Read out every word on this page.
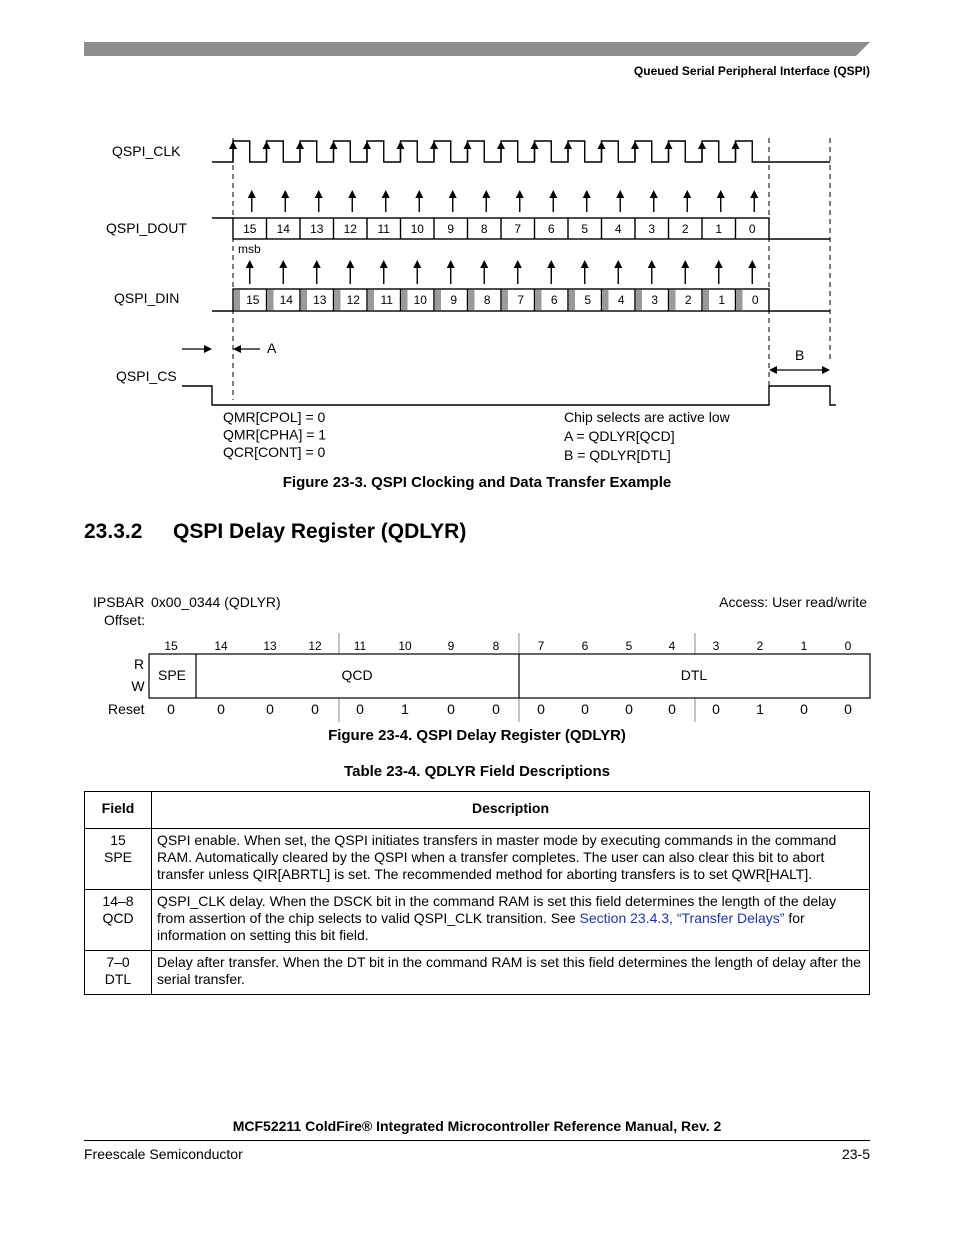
Queued Serial Peripheral Interface (QSPI)
QSPI_CLK
QSPI_DOUT
QSPI_DIN
QSPI_CS
15 14 13 12 11 10 9 8 7 6 5 4 3 2 1 0
msb
15 14 13 12 11 10 9 8 7 6 5 4 3 2 1 0
A	B
QMR[CPOL] = 0
QMR[CPHA] = 1
QCR[CONT] = 0
Chip selects are active low
A = QDLYR[QCD]
B = QDLYR[DTL]
Figure 23-3. QSPI Clocking and Data Transfer Example
23.3.2 QSPI Delay Register (QDLYR)
IPSBAR
Offset:
0x00_0344 (QDLYR)	Access: User read/write
15	14	13	12	11	10	9	8	7	6	5	4	3	2	1	0
R
W
SPE	QCD	DTL
Reset 0	0	0	0	0	1	0	0	0	0	0	0	0	1	0	0
Figure 23-4. QSPI Delay Register (QDLYR)
Table 23-4. QDLYR Field Descriptions
Field	Description

15
SPE	QSPI enable. When set, the QSPI initiates transfers in master mode by executing commands in the command RAM. Automatically cleared by the QSPI when a transfer completes. The user can also clear this bit to abort transfer unless QIR[ABRTL] is set. The recommended method for aborting transfers is to set QWR[HALT].

14–8
QCD	QSPI_CLK delay. When the DSCK bit in the command RAM is set this field determines the length of the delay from assertion of the chip selects to valid QSPI_CLK transition. See Section 23.4.3, “Transfer Delays” for information on setting this bit field.

7–0
DTL	Delay after transfer. When the DT bit in the command RAM is set this field determines the length of delay after the serial transfer.
MCF52211 ColdFire® Integrated Microcontroller Reference Manual, Rev. 2
Freescale Semiconductor	23-5
